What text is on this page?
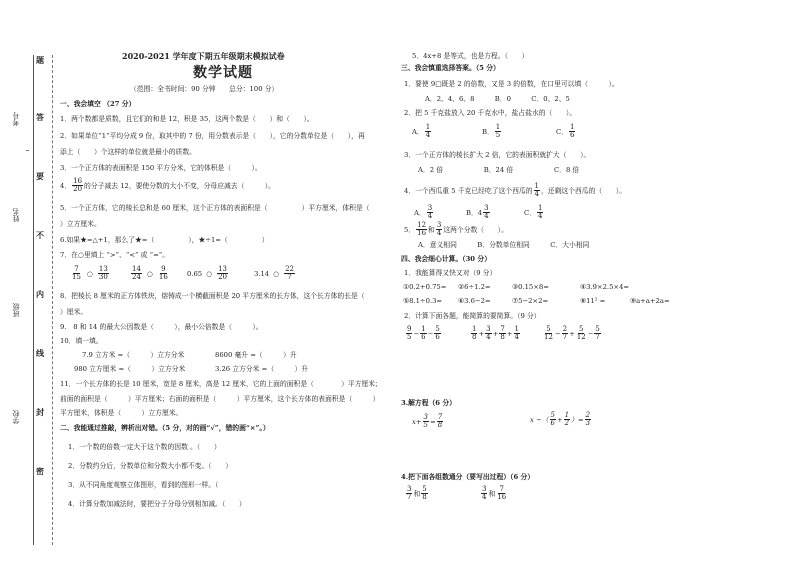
题
答
要
不
内
线
封
密
考号
姓名
班级
学校
2020-2021 学年度下期五年级期末模拟试卷
数学试题
（范围：全书时间：90 分钟　　总分：100 分）
一、我会填空 （27 分）
1．两个数都是质数，且它们的和是 12，积是 35，这两个数是（　　）和（　　）。
2．如果单位“1”平均分成 9 份，取其中的 7 份，用分数表示是（　　），它的分数单位是（　　），再
添上（　　）个这样的单位就是最小的质数。
3．一个正方体的表面积是 150 平方分米，它的体积是（　　　）。
4． $\frac{16}{20}$ 的分子减去 12，要使分数的大小不变，分母应减去（　　　）。
5．一个正方体，它的棱长总和是 60 厘米，这个正方体的表面积是（　　　　　）平方厘米，体积是（
）立方厘米。
6.如果★=△+1，那么了★=（　　　　　），★÷1=（　　　　　）
7．在○里填上 “>”、“<” 或 “=”。
$\frac{7}{15}$ ○ $\frac{13}{30}$	$\frac{14}{24}$ ○ $\frac{9}{16}$	0.65 ○ $\frac{13}{20}$	3.14 ○ $\frac{22}{7}$
8．把棱长 8 厘米的正方体铁块，熔铸成一个横截面积是 20 平方厘米的长方体，这个长方体的长是（
）厘米。
9.　8 和 14 的最大公因数是（　　　），最小公倍数是（　　　）。
10．填一填。
7.9 立方米 =（　　　）立方分米	8600 毫升 =（　　　）升
980 立方厘米 =（　　　）立方分米	3.26 立方分米 =（　　　）升
11．一个长方体的长是 10 厘米，宽是 8 厘米，高是 12 厘米，它的上面的面积是（　　　　）平方厘米；
前面的面积是（　　　）平方厘米；右面的面积是（　　　）平方厘米，这个长方体的表面积是（　　　）
平方厘米，体积是（　　　）立方厘米。
二、我能通过推敲，辨析出对错。（5 分，对的画“√”，错的画“×”。）
1．一个数的倍数一定大于这个数的因数 。（　　）
2．分数约分后，分数单位和分数大小都不变。（　　）
3．从不同角度观察立体图形，看到的图形一样。（
4．计算分数加减法时，要把分子分母分别相加减。（　　）
5．4x+8 是等式，也是方程。（　　）
三、我会慎重选择答案。（5 分）
1．要使 9□既是 2 的倍数，又是 3 的倍数，在口里可以填（　　　）。
A．2、4、6、8　　　B．0　　　C．0、2、5
2．把 5 千克盐放入 20 千克水中，盐占盐水的（　　）。
A． $\frac{1}{4}$	B． $\frac{1}{5}$	C． $\frac{1}{6}$
3．一个正方体的棱长扩大 2 倍，它的表面积就扩大（　　）。
A．2 倍　　　　　　B．24 倍　　　　　　C．8 倍
4．一个西瓜重 5 千克已经吃了这个西瓜的 $\frac{1}{4}$ ，还剩这个西瓜的（　　）。
A． $\frac{3}{4}$	B．$4 \frac{3}{4}$	C． $\frac{1}{4}$
5． $\frac{12}{16}$ 和 $\frac{3}{4}$ 这两个分数（　　）。
A．意义相同　　　B．分数单位相同　　　C．大小相同
四、我会细心计算。（30 分）
1．我能算得又快又对（9 分）
①0.2+0.75= ②6÷1.2=	③0.15×8=	④3.9×2.5×4=
⑤8.1÷0.3= ⑥3.6−2=	⑦5−2×2=	⑧11² =	⑨a+a+2a=
2．计算下面各题，能简算的要简算。（9 分）
$\frac{9}{5} - \frac{1}{6} - \frac{5}{6}$	$\frac{1}{8} + \frac{3}{4} + \frac{7}{8} + \frac{1}{4}$	$\frac{5}{12} - \frac{2}{7} + \frac{5}{12} - \frac{5}{7}$
3.解方程（6 分）
$x+ \frac{3}{5} = \frac{7}{8}$	x −（ $\frac{5}{6} + \frac{1}{2}$ ）= $\frac{2}{3}$
4.把下面各组数通分（要写出过程）（6 分）
$\frac{3}{7}$ 和 $\frac{5}{8}$	$\frac{3}{4}$ 和 $\frac{7}{16}$
